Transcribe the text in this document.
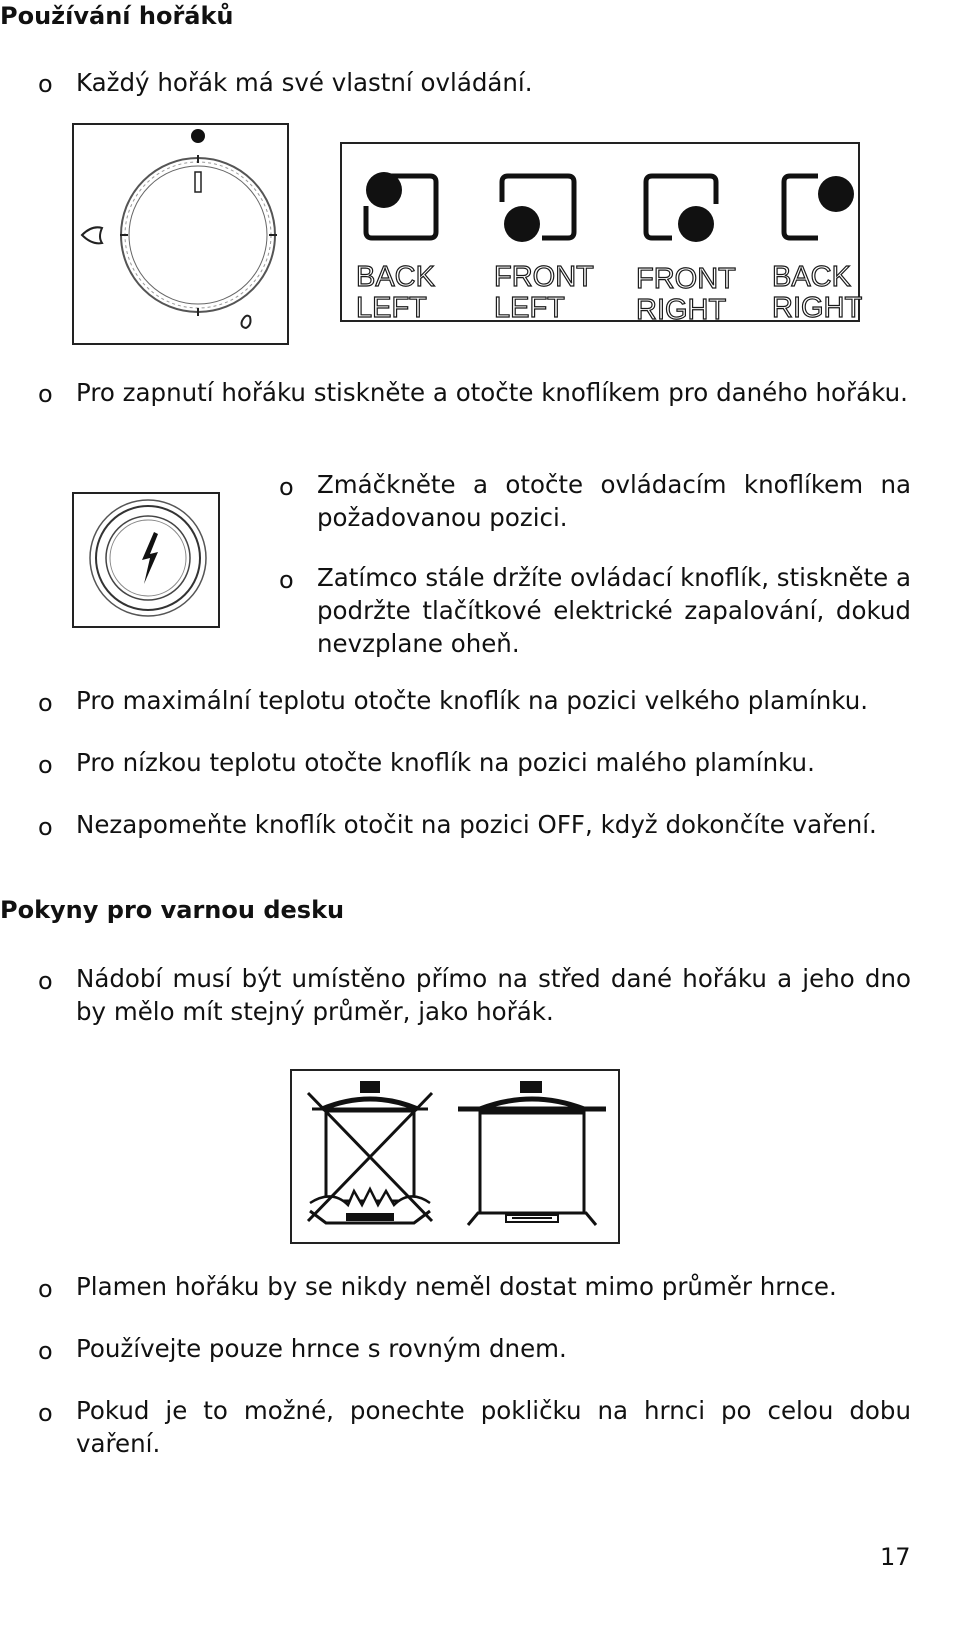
Používání hořáků
o Každý hořák má své vlastní ovládání.
BACK
LEFT
FRONT
LEFT
FRONT
RIGHT
BACK
RIGHT
o Pro zapnutí hořáku stiskněte a otočte knoflíkem pro daného hořáku.
o Zmáčkněte a otočte ovládacím knoflíkem na požadovanou pozici.
o Zatímco stále držíte ovládací knoflík, stiskněte a podržte tlačítkové elektrické zapalování, dokud nevzplane oheň.
o Pro maximální teplotu otočte knoflík na pozici velkého plamínku.
o Pro nízkou teplotu otočte knoflík na pozici malého plamínku.
o Nezapomeňte knoflík otočit na pozici OFF, když dokončíte vaření.
Pokyny pro varnou desku
o Nádobí musí být umístěno přímo na střed dané hořáku a jeho dno by mělo mít stejný průměr, jako hořák.
o Plamen hořáku by se nikdy neměl dostat mimo průměr hrnce.
o Používejte pouze hrnce s rovným dnem.
o Pokud je to možné, ponechte pokličku na hrnci po celou dobu vaření.
17
